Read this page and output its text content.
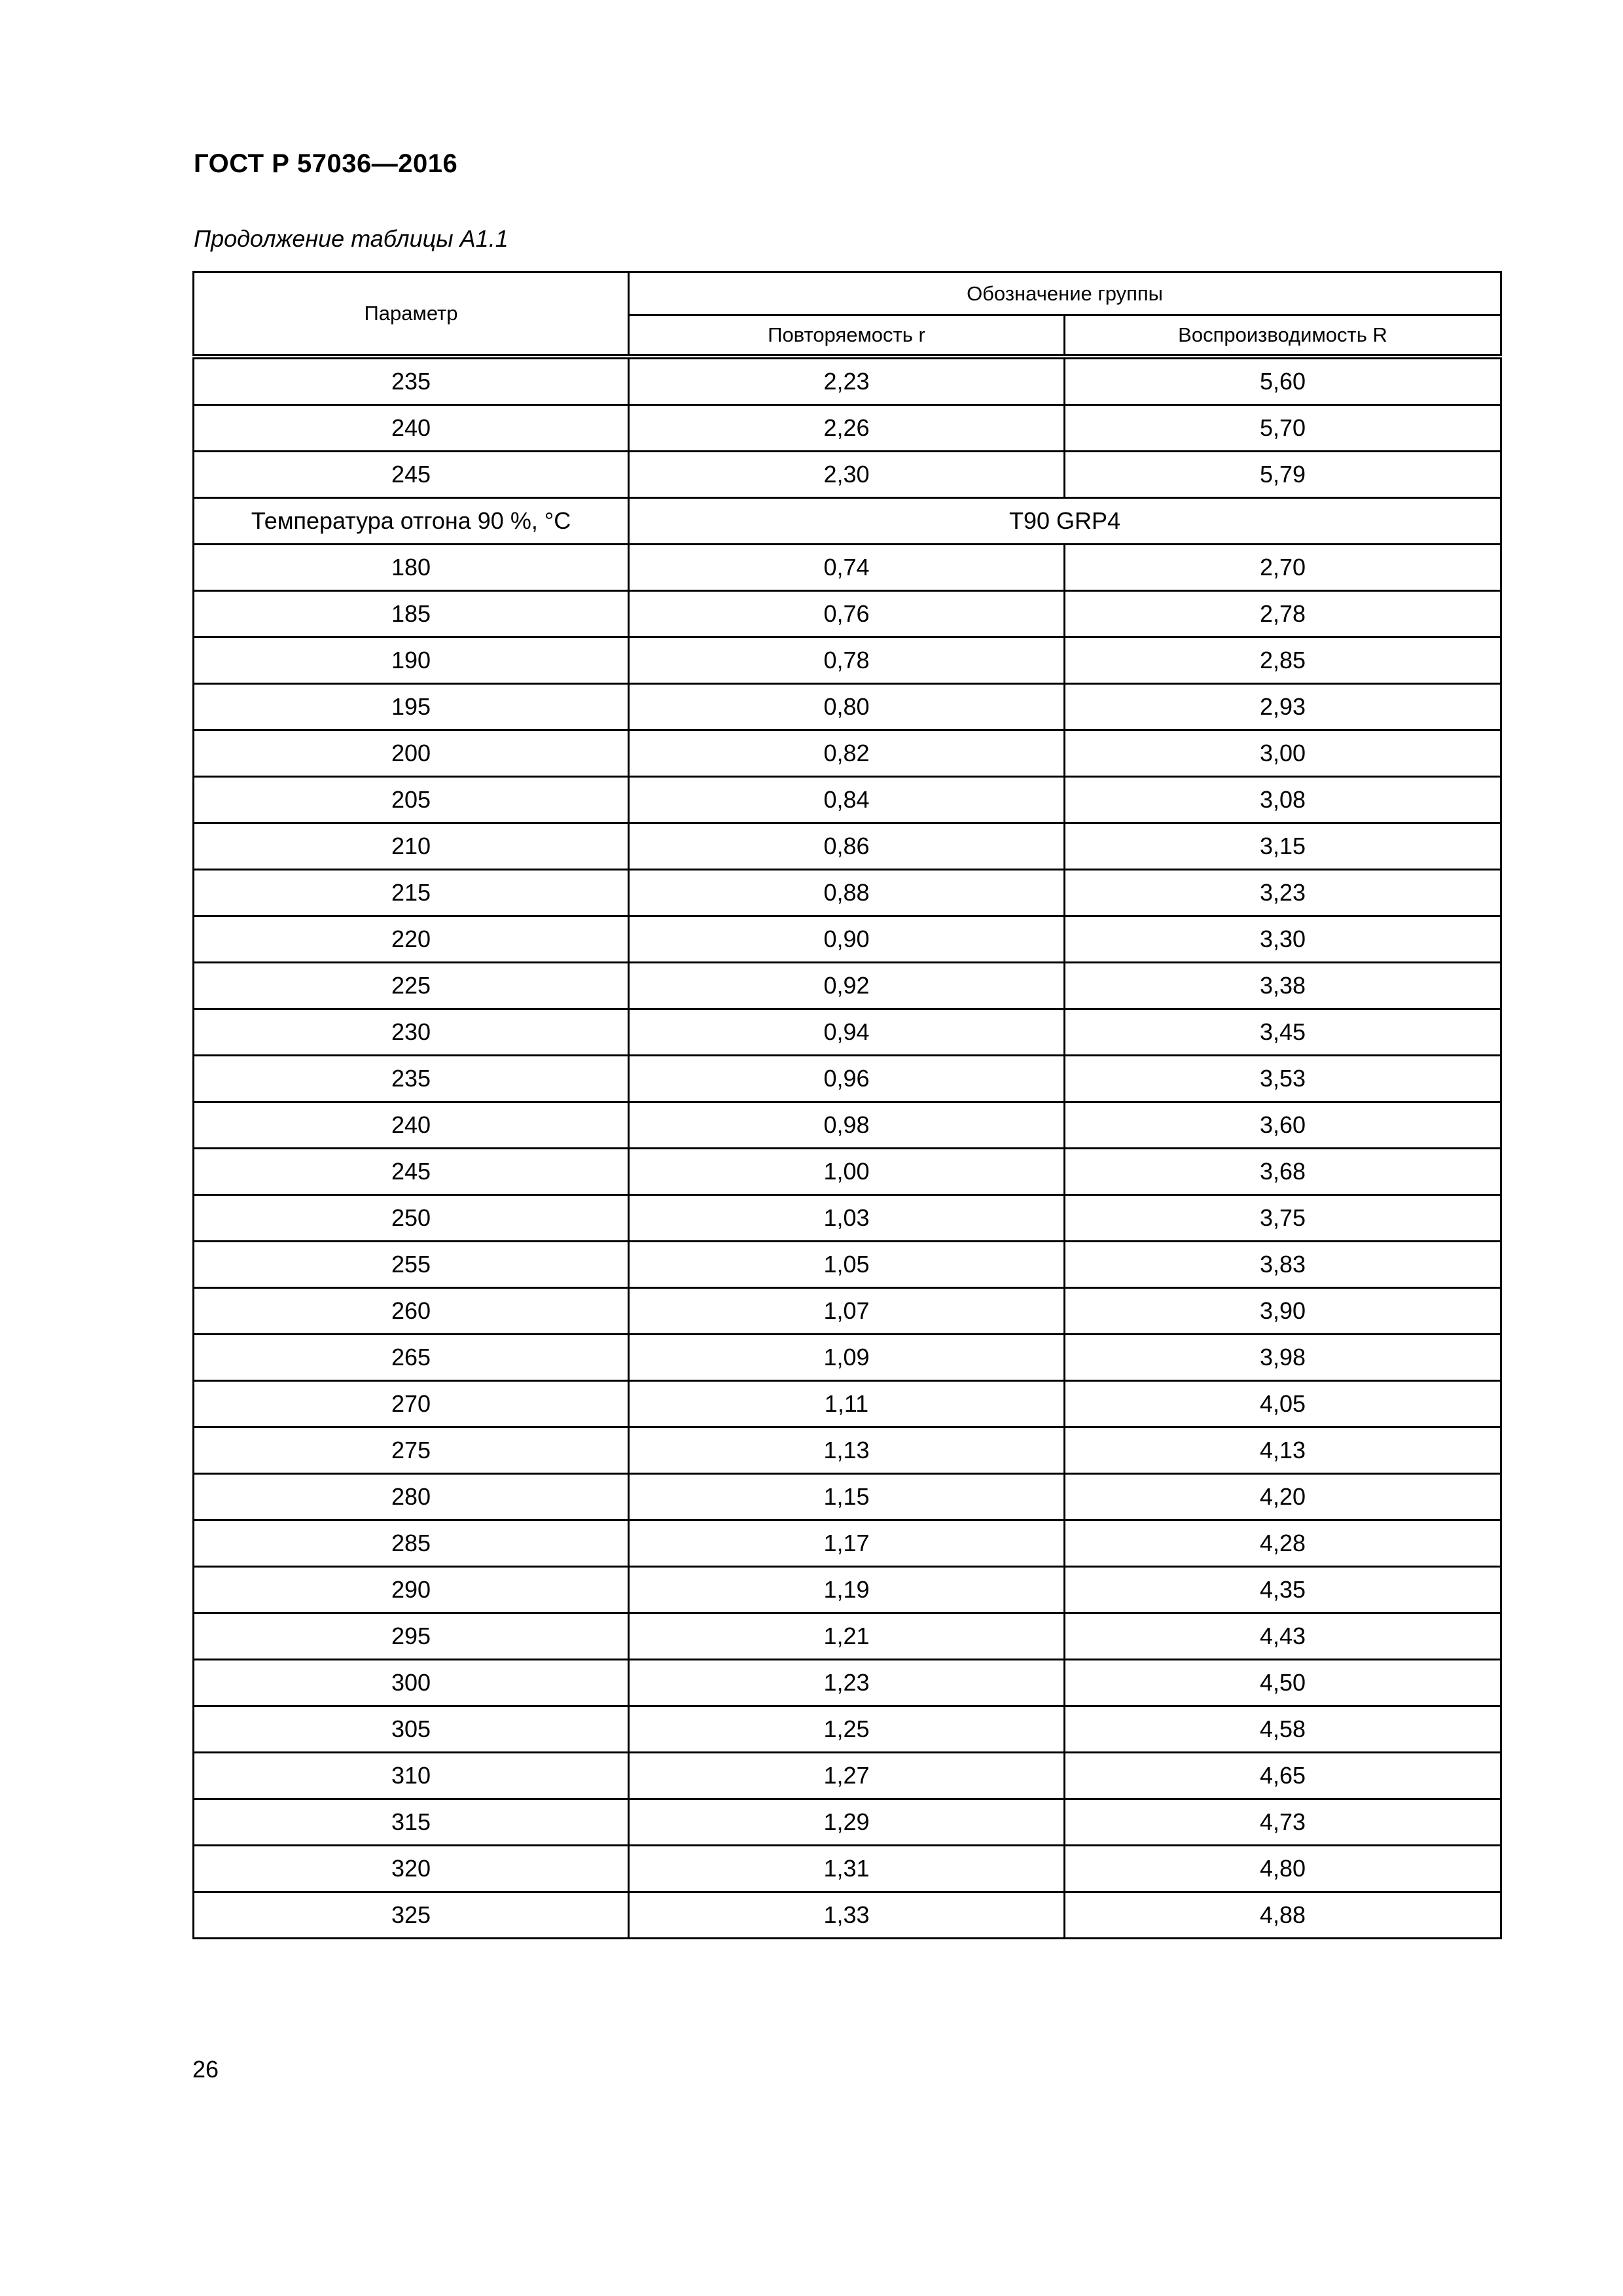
ГОСТ Р 57036—2016
Продолжение таблицы А1.1
Параметр	Обозначение группы	
	Повторяемость r	Воспроизводимость R
235	2,23	5,60
240	2,26	5,70
245	2,30	5,79
Температура отгона 90 %, °С	T90 GRP4	
180	0,74	2,70
185	0,76	2,78
190	0,78	2,85
195	0,80	2,93
200	0,82	3,00
205	0,84	3,08
210	0,86	3,15
215	0,88	3,23
220	0,90	3,30
225	0,92	3,38
230	0,94	3,45
235	0,96	3,53
240	0,98	3,60
245	1,00	3,68
250	1,03	3,75
255	1,05	3,83
260	1,07	3,90
265	1,09	3,98
270	1,11	4,05
275	1,13	4,13
280	1,15	4,20
285	1,17	4,28
290	1,19	4,35
295	1,21	4,43
300	1,23	4,50
305	1,25	4,58
310	1,27	4,65
315	1,29	4,73
320	1,31	4,80
325	1,33	4,88
26
